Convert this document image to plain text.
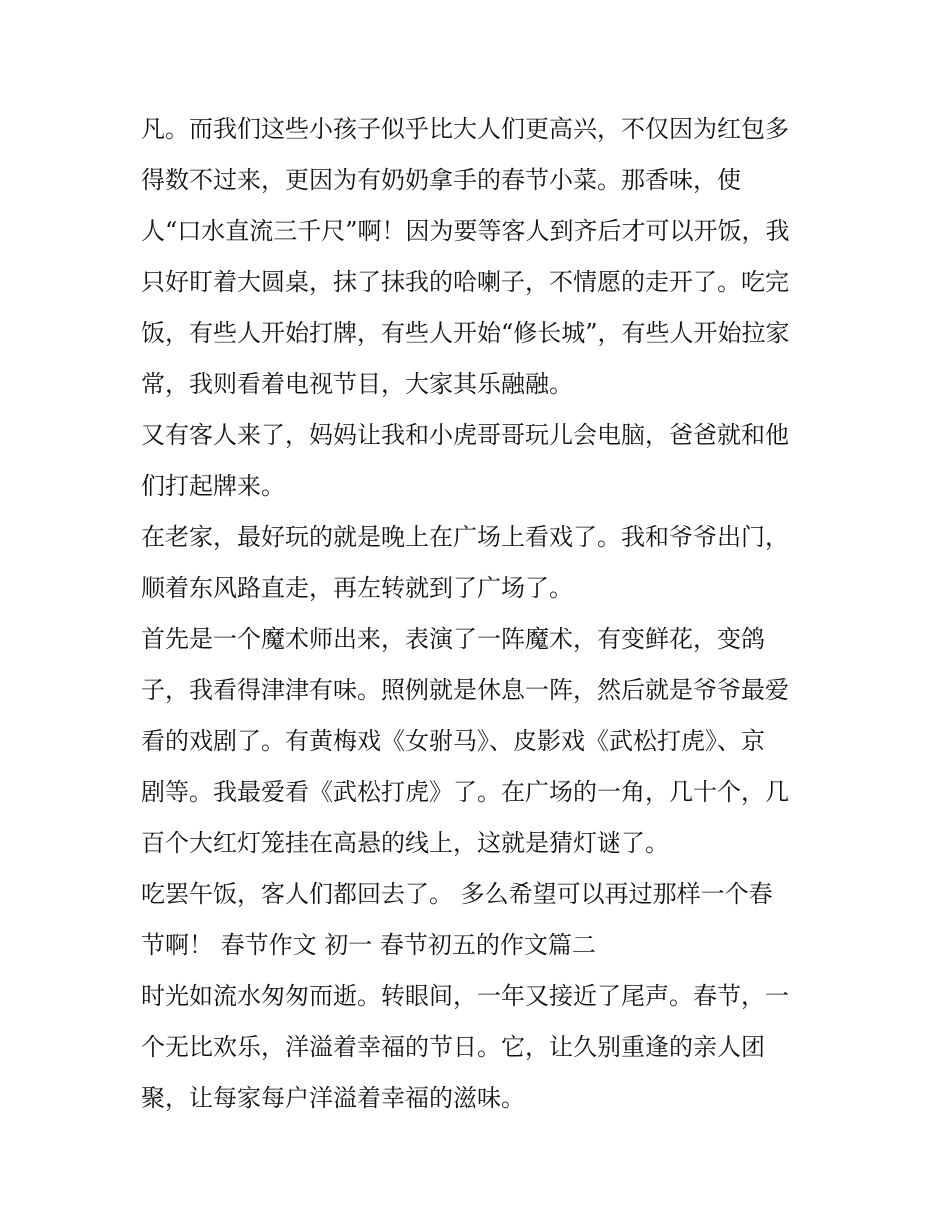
凡。而我们这些小孩子似乎比大人们更高兴，不仅因为红包多
得数不过来，更因为有奶奶拿手的春节小菜。那香味，使
人“口水直流三千尺”啊！因为要等客人到齐后才可以开饭，我
只好盯着大圆桌，抹了抹我的哈喇子，不情愿的走开了。吃完
饭，有些人开始打牌，有些人开始“修长城”，有些人开始拉家
常，我则看着电视节目，大家其乐融融。
又有客人来了，妈妈让我和小虎哥哥玩儿会电脑，爸爸就和他
们打起牌来。
在老家，最好玩的就是晚上在广场上看戏了。我和爷爷出门，
顺着东风路直走，再左转就到了广场了。
首先是一个魔术师出来，表演了一阵魔术，有变鲜花，变鸽
子，我看得津津有味。照例就是休息一阵，然后就是爷爷最爱
看的戏剧了。有黄梅戏《女驸马》、皮影戏《武松打虎》、京
剧等。我最爱看《武松打虎》了。在广场的一角，几十个，几
百个大红灯笼挂在高悬的线上，这就是猜灯谜了。
吃罢午饭，客人们都回去了。 多么希望可以再过那样一个春
节啊！ 春节作文 初一 春节初五的作文篇二
时光如流水匆匆而逝。转眼间，一年又接近了尾声。春节，一
个无比欢乐，洋溢着幸福的节日。它，让久别重逢的亲人团
聚，让每家每户洋溢着幸福的滋味。
